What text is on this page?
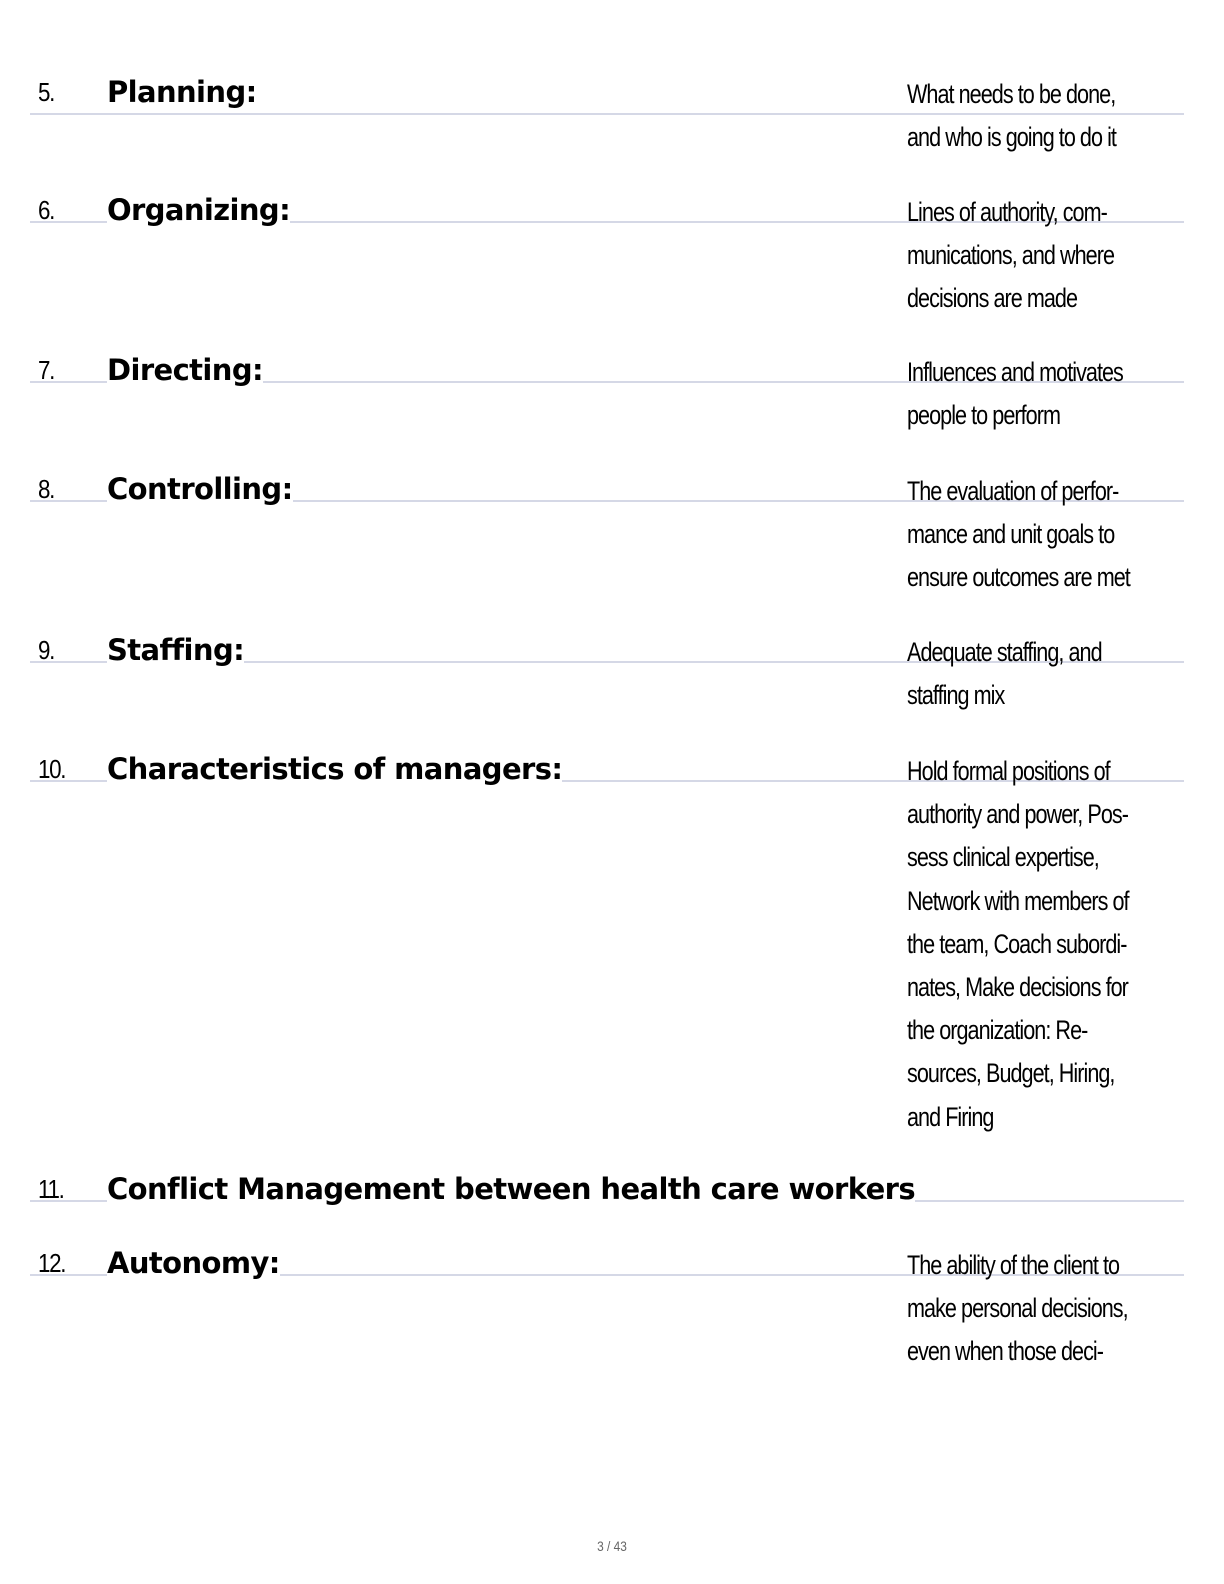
5. Planning:	What needs to be done,
and who is going to do it
6. Organizing:	Lines of authority, com-
munications, and where
decisions are made
7. Directing:	Influences and motivates
people to perform
8. Controlling:	The evaluation of perfor-
mance and unit goals to
ensure outcomes are met
9. Staffing:	Adequate staffing, and
staffing mix
10. Characteristics of managers:	Hold formal positions of
authority and power, Pos-
sess clinical expertise,
Network with members of
the team, Coach subordi-
nates, Make decisions for
the organization: Re-
sources, Budget, Hiring,
and Firing
11. Conflict Management between health care workers
12. Autonomy:	The ability of the client to
make personal decisions,
even when those deci-
3 / 43
